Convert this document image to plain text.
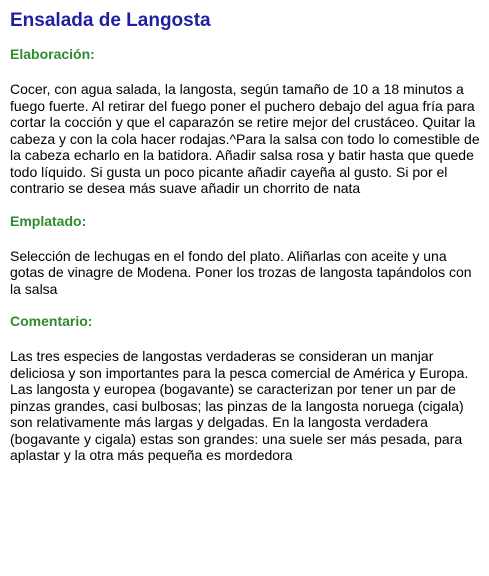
Ensalada de Langosta
Elaboración:
Cocer, con agua salada, la langosta, según tamaño de 10 a 18 minutos a fuego fuerte. Al retirar del fuego poner el puchero debajo del agua fría para cortar la cocción y que el caparazón se retire mejor del crustáceo. Quitar la cabeza y con la cola hacer rodajas.^Para la salsa con todo lo comestible de la cabeza echarlo en la batidora. Añadir salsa rosa y batir hasta que quede todo líquido. Si gusta un poco picante añadir cayeña al gusto. Si por el contrario se desea más suave añadir un chorrito de nata
Emplatado:
Selección de lechugas en el fondo del plato. Aliñarlas con aceite y una gotas de vinagre de Modena. Poner los trozas de langosta tapándolos con la salsa
Comentario:
Las tres especies de langostas verdaderas se consideran un manjar deliciosa y son importantes para la pesca comercial de América y Europa. Las langosta y europea (bogavante) se caracterizan por tener un par de pinzas grandes, casi bulbosas; las pinzas de la langosta noruega (cigala) son relativamente más largas y delgadas. En la langosta verdadera (bogavante y cigala) estas son grandes: una suele ser más pesada, para aplastar y la otra más pequeña es mordedora
